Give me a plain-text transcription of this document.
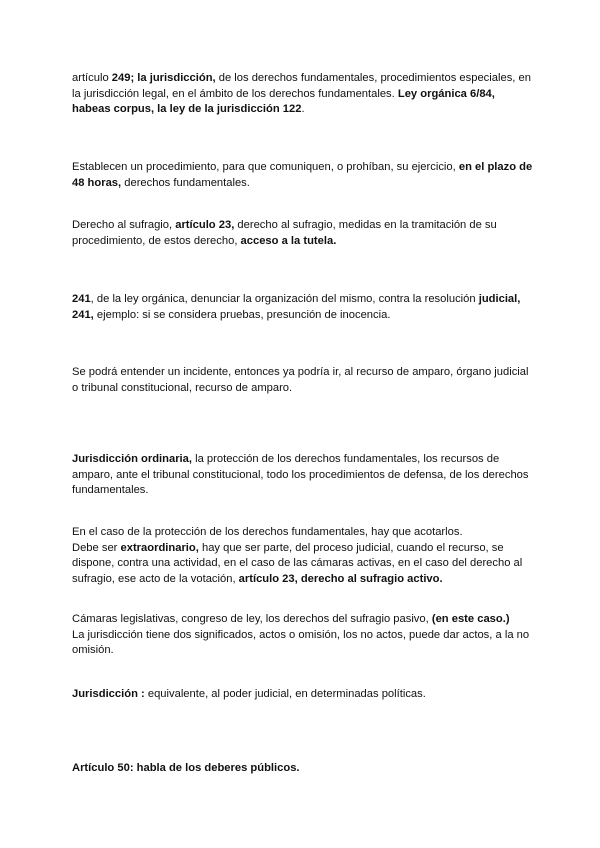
artículo 249; la jurisdicción, de los derechos fundamentales, procedimientos especiales, en la jurisdicción legal, en el ámbito de los derechos fundamentales. Ley orgánica 6/84, habeas corpus, la ley de la jurisdicción 122.

Establecen un procedimiento, para que comuniquen, o prohíban, su ejercicio, en el plazo de 48 horas, derechos fundamentales.

Derecho al sufragio, artículo 23, derecho al sufragio, medidas en la tramitación de su procedimiento, de estos derecho, acceso a la tutela.

241, de la ley orgánica, denunciar la organización del mismo, contra la resolución judicial, 241, ejemplo: si se considera pruebas, presunción de inocencia.

Se podrá entender un incidente, entonces ya podría ir, al recurso de amparo, órgano judicial o tribunal constitucional, recurso de amparo.

Jurisdicción ordinaria, la protección de los derechos fundamentales, los recursos de amparo, ante el tribunal constitucional, todo los procedimientos de defensa, de los derechos fundamentales.

En el caso de la protección de los derechos fundamentales, hay que acotarlos.
Debe ser extraordinario, hay que ser parte, del proceso judicial, cuando el recurso, se dispone, contra una actividad, en el caso de las cámaras activas, en el caso del derecho al sufragio, ese acto de la votación, artículo 23, derecho al sufragio activo.

Cámaras legislativas, congreso de ley, los derechos del sufragio pasivo, (en este caso.)
La jurisdicción tiene dos significados, actos o omisión, los no actos, puede dar actos, a la no omisión.

Jurisdicción : equivalente, al poder judicial, en determinadas políticas.

Artículo 50: habla de los deberes públicos.
